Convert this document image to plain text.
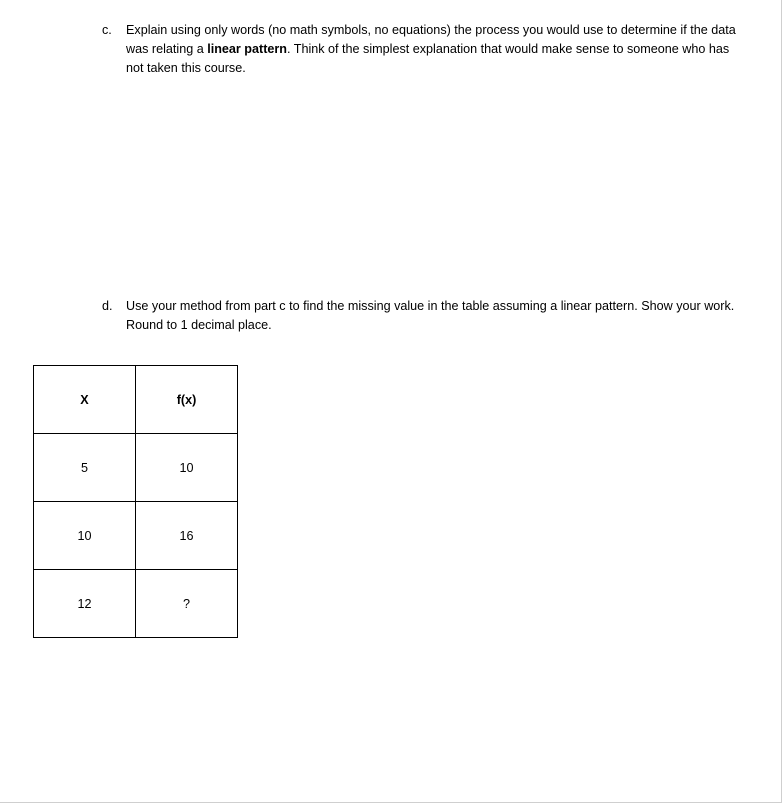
c. Explain using only words (no math symbols, no equations) the process you would use to determine if the data was relating a linear pattern. Think of the simplest explanation that would make sense to someone who has not taken this course.
d. Use your method from part c to find the missing value in the table assuming a linear pattern. Show your work. Round to 1 decimal place.
X	f(x)
5	10
10	16
12	?
